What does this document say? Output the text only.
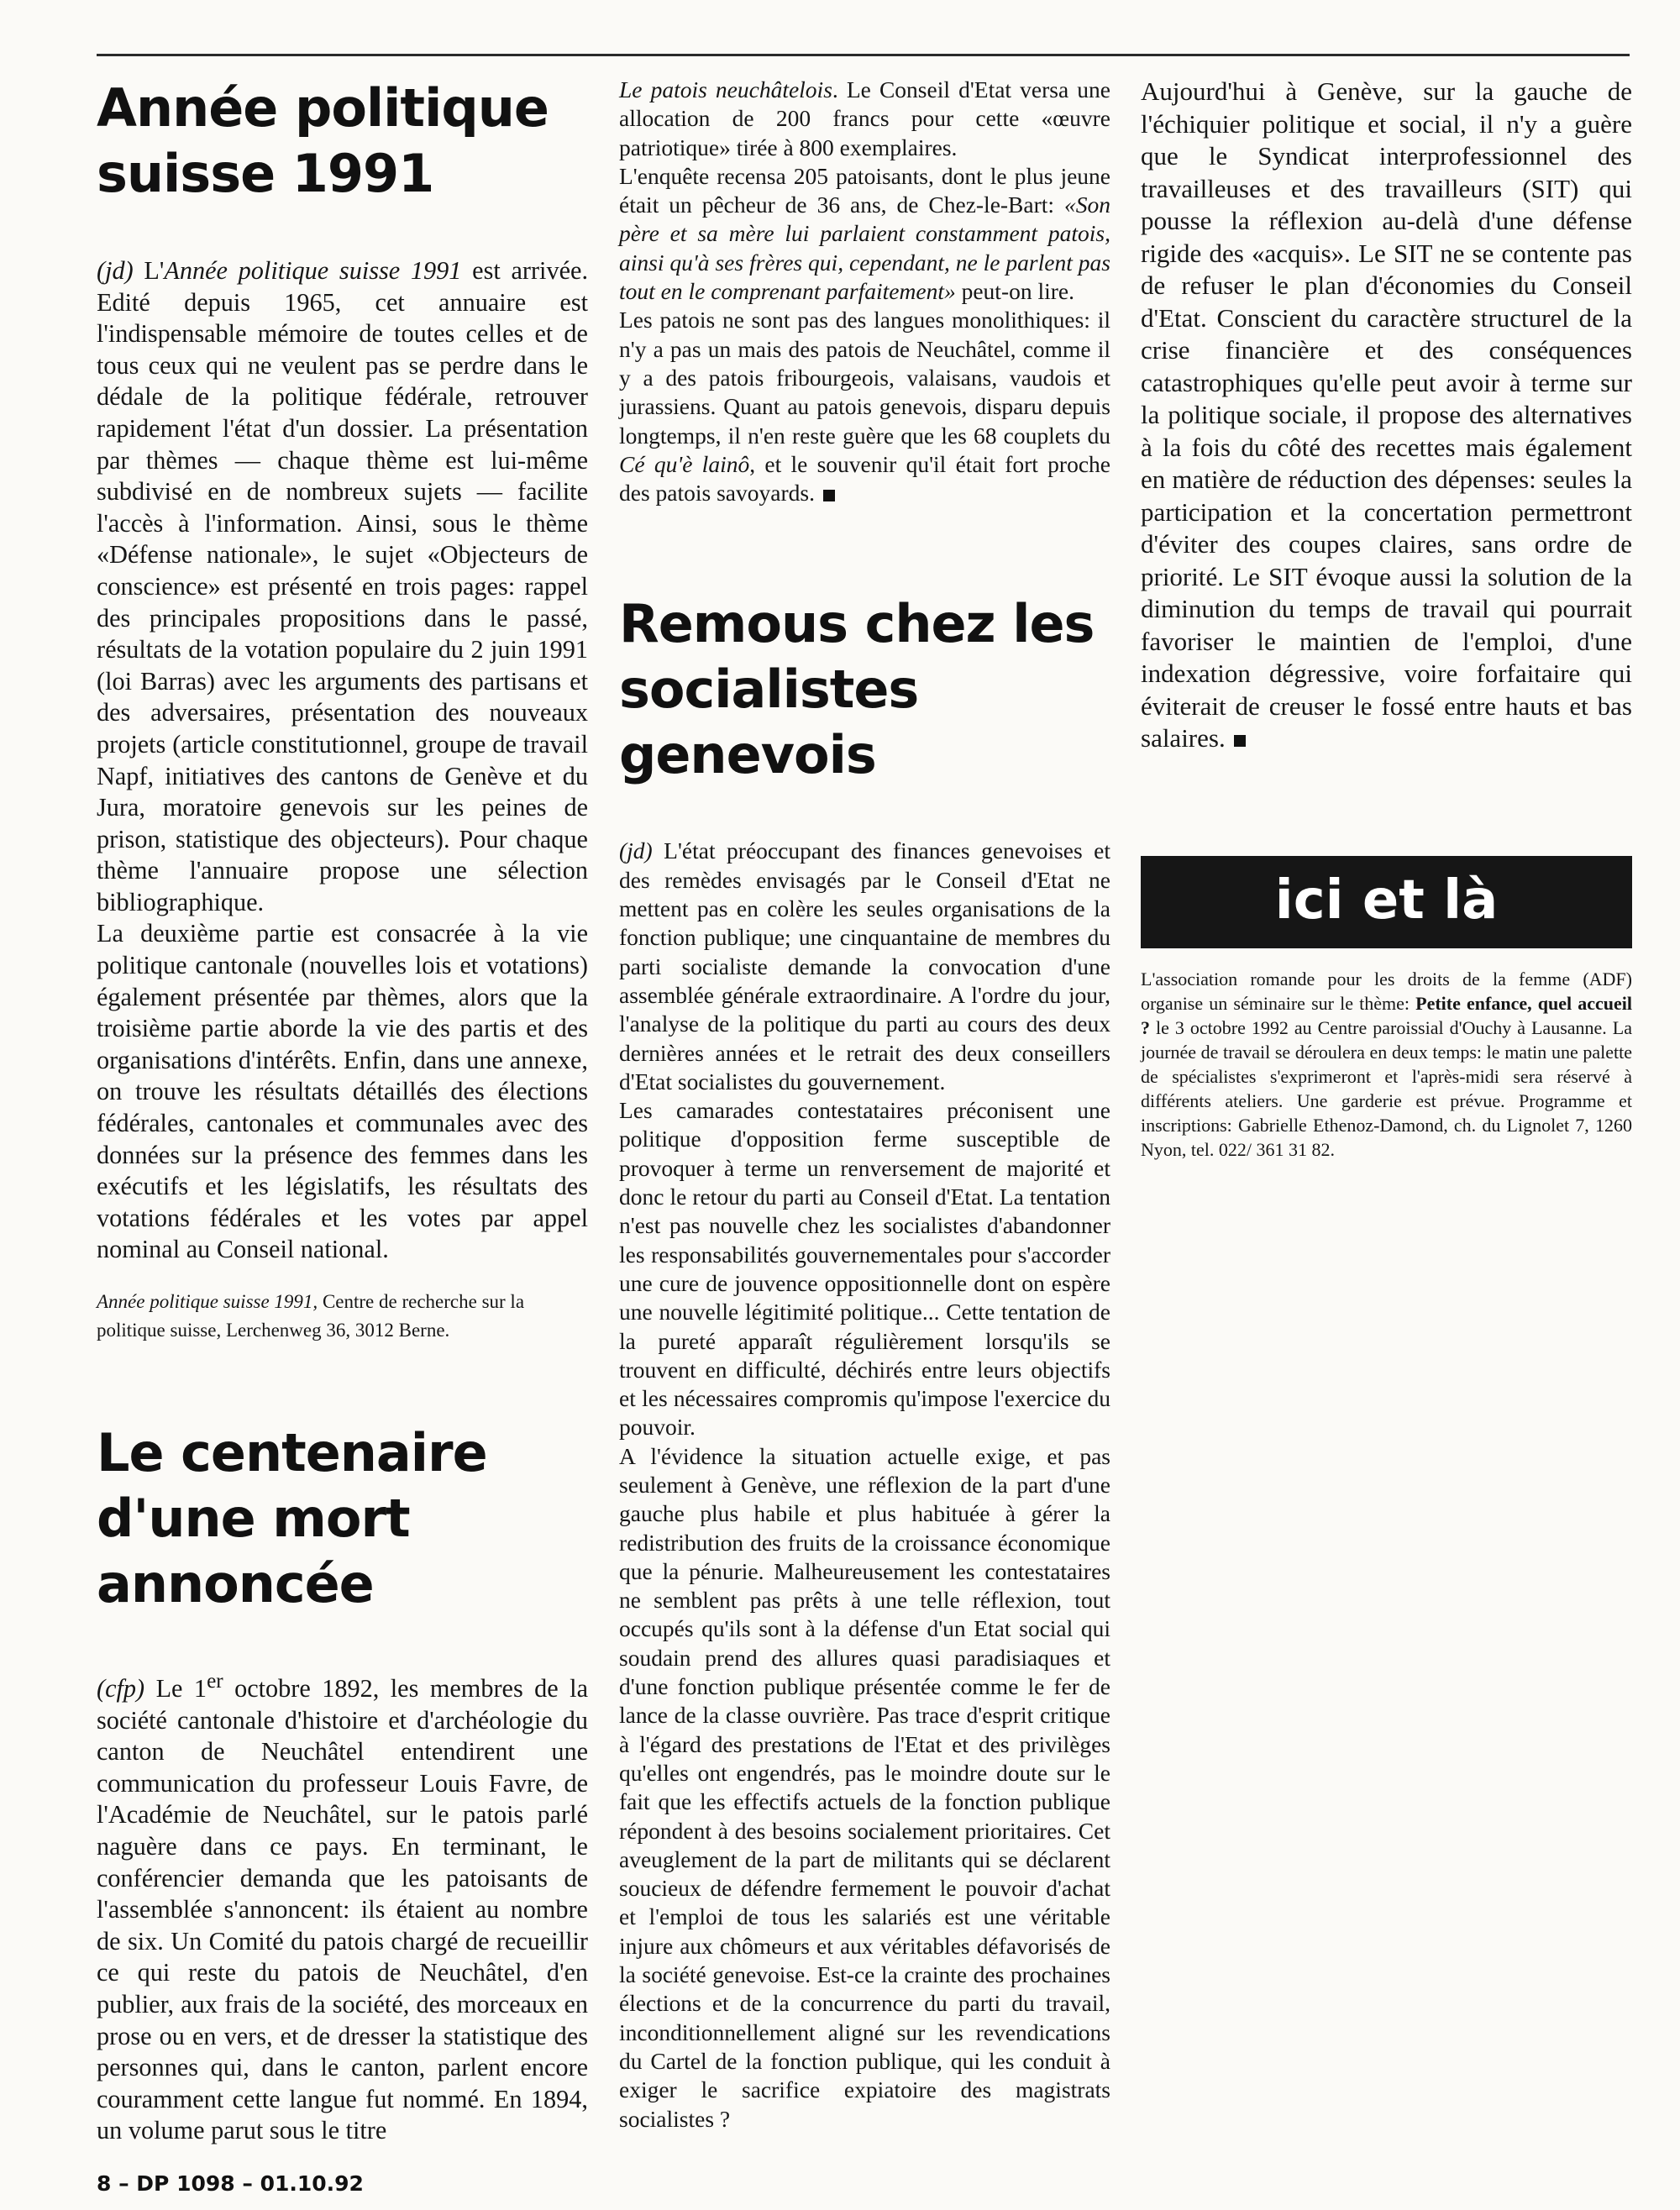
Année politique suisse 1991

(jd) L'Année politique suisse 1991 est arrivée. Edité depuis 1965, cet annuaire est l'indispensable mémoire de toutes celles et de tous ceux qui ne veulent pas se perdre dans le dédale de la politique fédérale, retrouver rapidement l'état d'un dossier. La présentation par thèmes — chaque thème est lui-même subdivisé en de nombreux sujets — facilite l'accès à l'information. Ainsi, sous le thème «Défense nationale», le sujet «Objecteurs de conscience» est présenté en trois pages: rappel des principales propositions dans le passé, résultats de la votation populaire du 2 juin 1991 (loi Barras) avec les arguments des partisans et des adversaires, présentation des nouveaux projets (article constitutionnel, groupe de travail Napf, initiatives des cantons de Genève et du Jura, moratoire genevois sur les peines de prison, statistique des objecteurs). Pour chaque thème l'annuaire propose une sélection bibliographique.

La deuxième partie est consacrée à la vie politique cantonale (nouvelles lois et votations) également présentée par thèmes, alors que la troisième partie aborde la vie des partis et des organisations d'intérêts. Enfin, dans une annexe, on trouve les résultats détaillés des élections fédérales, cantonales et communales avec des données sur la présence des femmes dans les exécutifs et les législatifs, les résultats des votations fédérales et les votes par appel nominal au Conseil national.

Année politique suisse 1991, Centre de recherche sur la politique suisse, Lerchenweg 36, 3012 Berne.

Le centenaire d'une mort annoncée

(cfp) Le 1er octobre 1892, les membres de la société cantonale d'histoire et d'archéologie du canton de Neuchâtel entendirent une communication du professeur Louis Favre, de l'Académie de Neuchâtel, sur le patois parlé naguère dans ce pays. En terminant, le conférencier demanda que les patoisants de l'assemblée s'annoncent: ils étaient au nombre de six. Un Comité du patois chargé de recueillir ce qui reste du patois de Neuchâtel, d'en publier, aux frais de la société, des morceaux en prose ou en vers, et de dresser la statistique des personnes qui, dans le canton, parlent encore couramment cette langue fut nommé. En 1894, un volume parut sous le titre

Le patois neuchâtelois. Le Conseil d'Etat versa une allocation de 200 francs pour cette «œuvre patriotique» tirée à 800 exemplaires.

L'enquête recensa 205 patoisants, dont le plus jeune était un pêcheur de 36 ans, de Chez-le-Bart: «Son père et sa mère lui parlaient constamment patois, ainsi qu'à ses frères qui, cependant, ne le parlent pas tout en le comprenant parfaitement» peut-on lire.

Les patois ne sont pas des langues monolithiques: il n'y a pas un mais des patois de Neuchâtel, comme il y a des patois fribourgeois, valaisans, vaudois et jurassiens. Quant au patois genevois, disparu depuis longtemps, il n'en reste guère que les 68 couplets du Cé qu'è lainô, et le souvenir qu'il était fort proche des patois savoyards.

Remous chez les socialistes genevois

(jd) L'état préoccupant des finances genevoises et des remèdes envisagés par le Conseil d'Etat ne mettent pas en colère les seules organisations de la fonction publique; une cinquantaine de membres du parti socialiste demande la convocation d'une assemblée générale extraordinaire. A l'ordre du jour, l'analyse de la politique du parti au cours des deux dernières années et le retrait des deux conseillers d'Etat socialistes du gouvernement.

Les camarades contestataires préconisent une politique d'opposition ferme susceptible de provoquer à terme un renversement de majorité et donc le retour du parti au Conseil d'Etat. La tentation n'est pas nouvelle chez les socialistes d'abandonner les responsabilités gouvernementales pour s'accorder une cure de jouvence oppositionnelle dont on espère une nouvelle légitimité politique... Cette tentation de la pureté apparaît régulièrement lorsqu'ils se trouvent en difficulté, déchirés entre leurs objectifs et les nécessaires compromis qu'impose l'exercice du pouvoir.

A l'évidence la situation actuelle exige, et pas seulement à Genève, une réflexion de la part d'une gauche plus habile et plus habituée à gérer la redistribution des fruits de la croissance économique que la pénurie. Malheureusement les contestataires ne semblent pas prêts à une telle réflexion, tout occupés qu'ils sont à la défense d'un Etat social qui soudain prend des allures quasi paradisiaques et d'une fonction publique présentée comme le fer de lance de la classe ouvrière. Pas trace d'esprit critique à l'égard des prestations de l'Etat et des privilèges qu'elles ont engendrés, pas le moindre doute sur le fait que les effectifs actuels de la fonction publique répondent à des besoins socialement prioritaires. Cet aveuglement de la part de militants qui se déclarent soucieux de défendre fermement le pouvoir d'achat et l'emploi de tous les salariés est une véritable injure aux chômeurs et aux véritables défavorisés de la société genevoise. Est-ce la crainte des prochaines élections et de la concurrence du parti du travail, inconditionnellement aligné sur les revendications du Cartel de la fonction publique, qui les conduit à exiger le sacrifice expiatoire des magistrats socialistes ?

Aujourd'hui à Genève, sur la gauche de l'échiquier politique et social, il n'y a guère que le Syndicat interprofessionnel des travailleuses et des travailleurs (SIT) qui pousse la réflexion au-delà d'une défense rigide des «acquis». Le SIT ne se contente pas de refuser le plan d'économies du Conseil d'Etat. Conscient du caractère structurel de la crise financière et des conséquences catastrophiques qu'elle peut avoir à terme sur la politique sociale, il propose des alternatives à la fois du côté des recettes mais également en matière de réduction des dépenses: seules la participation et la concertation permettront d'éviter des coupes claires, sans ordre de priorité. Le SIT évoque aussi la solution de la diminution du temps de travail qui pourrait favoriser le maintien de l'emploi, d'une indexation dégressive, voire forfaitaire qui éviterait de creuser le fossé entre hauts et bas salaires.

ici et là

L'association romande pour les droits de la femme (ADF) organise un séminaire sur le thème: Petite enfance, quel accueil ? le 3 octobre 1992 au Centre paroissial d'Ouchy à Lausanne. La journée de travail se déroulera en deux temps: le matin une palette de spécialistes s'exprimeront et l'après-midi sera réservé à différents ateliers. Une garderie est prévue. Programme et inscriptions: Gabrielle Ethenoz-Damond, ch. du Lignolet 7, 1260 Nyon, tel. 022/ 361 31 82.

8 – DP 1098 – 01.10.92
